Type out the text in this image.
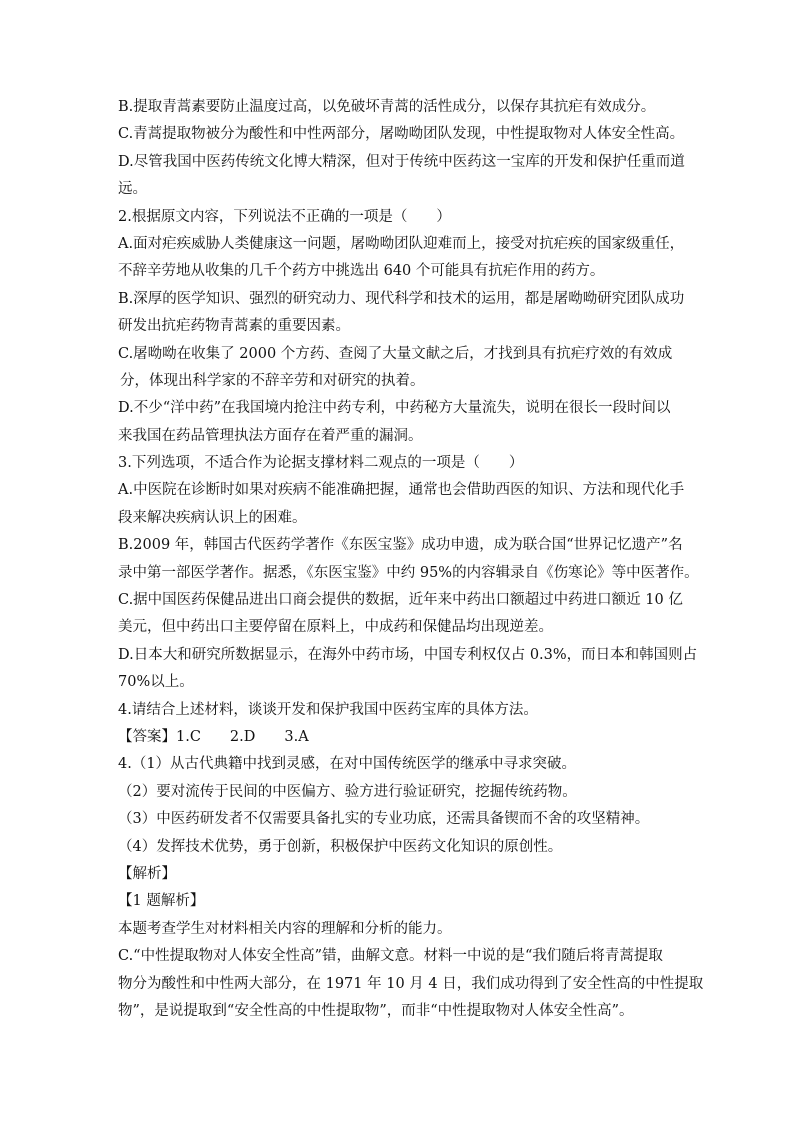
B.提取青蒿素要防止温度过高，以免破坏青蒿的活性成分，以保存其抗疟有效成分。
C.青蒿提取物被分为酸性和中性两部分，屠呦呦团队发现，中性提取物对人体安全性高。
D.尽管我国中医药传统文化博大精深，但对于传统中医药这一宝库的开发和保护任重而道
远。
2.根据原文内容，下列说法不正确的一项是（　　）
A.面对疟疾威胁人类健康这一问题，屠呦呦团队迎难而上，接受对抗疟疾的国家级重任，
不辞辛劳地从收集的几千个药方中挑选出 640 个可能具有抗疟作用的药方。
B.深厚的医学知识、强烈的研究动力、现代科学和技术的运用，都是屠呦呦研究团队成功
研发出抗疟药物青蒿素的重要因素。
C.屠呦呦在收集了 2000 个方药、查阅了大量文献之后，才找到具有抗疟疗效的有效成
分，体现出科学家的不辞辛劳和对研究的执着。
D.不少“洋中药”在我国境内抢注中药专利，中药秘方大量流失，说明在很长一段时间以
来我国在药品管理执法方面存在着严重的漏洞。
3.下列选项，不适合作为论据支撑材料二观点的一项是（　　）
A.中医院在诊断时如果对疾病不能准确把握，通常也会借助西医的知识、方法和现代化手
段来解决疾病认识上的困难。
B.2009 年，韩国古代医药学著作《东医宝鉴》成功申遗，成为联合国“世界记忆遗产”名
录中第一部医学著作。据悉，《东医宝鉴》中约 95%的内容辑录自《伤寒论》等中医著作。
C.据中国医药保健品进出口商会提供的数据，近年来中药出口额超过中药进口额近 10 亿
美元，但中药出口主要停留在原料上，中成药和保健品均出现逆差。
D.日本大和研究所数据显示，在海外中药市场，中国专利权仅占 0.3%，而日本和韩国则占
70%以上。
4.请结合上述材料，谈谈开发和保护我国中医药宝库的具体方法。
【答案】1.C　　2.D　　3.A
4.（1）从古代典籍中找到灵感，在对中国传统医学的继承中寻求突破。
（2）要对流传于民间的中医偏方、验方进行验证研究，挖掘传统药物。
（3）中医药研发者不仅需要具备扎实的专业功底，还需具备锲而不舍的攻坚精神。
（4）发挥技术优势，勇于创新，积极保护中医药文化知识的原创性。
【解析】
【1 题解析】
本题考查学生对材料相关内容的理解和分析的能力。
C.“中性提取物对人体安全性高”错，曲解文意。材料一中说的是“我们随后将青蒿提取
物分为酸性和中性两大部分，在 1971 年 10 月 4 日，我们成功得到了安全性高的中性提取
物”，是说提取到“安全性高的中性提取物”，而非“中性提取物对人体安全性高”。
